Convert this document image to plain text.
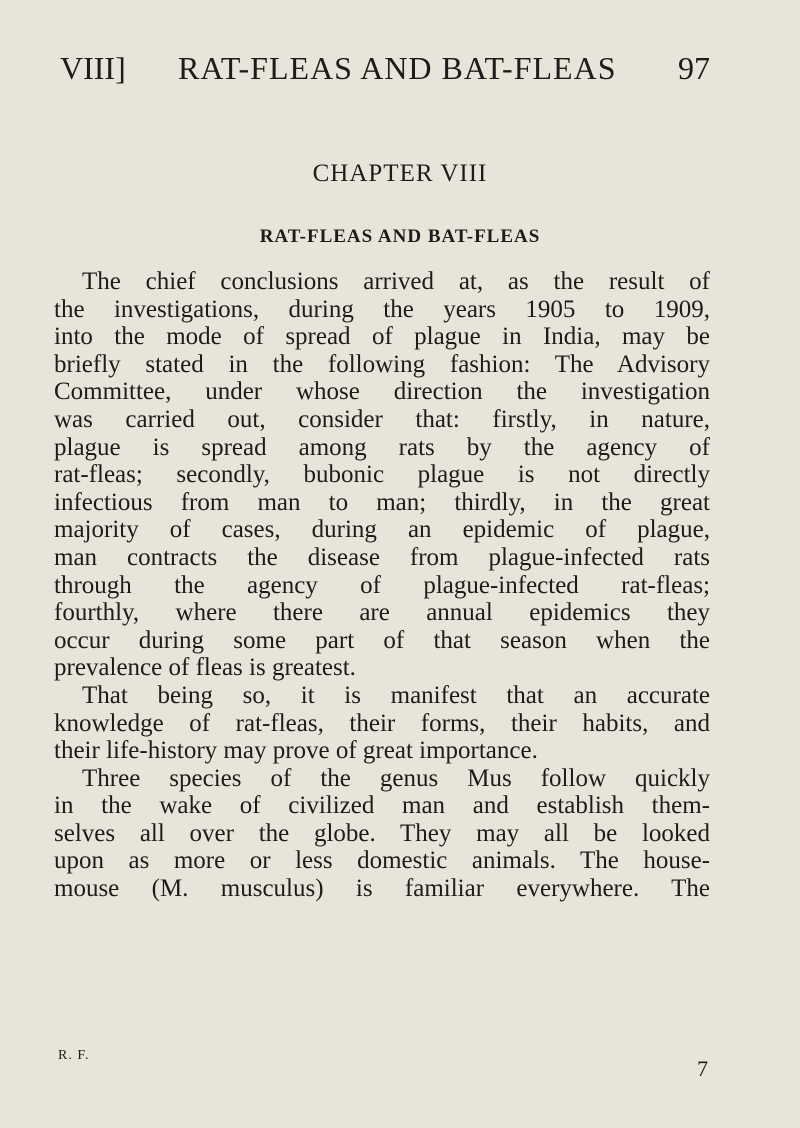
VIII] RAT-FLEAS AND BAT-FLEAS 97
CHAPTER VIII
RAT-FLEAS AND BAT-FLEAS
The chief conclusions arrived at, as the result of
the investigations, during the years 1905 to 1909,
into the mode of spread of plague in India, may be
briefly stated in the following fashion: The Advisory
Committee, under whose direction the investigation
was carried out, consider that: firstly, in nature,
plague is spread among rats by the agency of
rat-fleas; secondly, bubonic plague is not directly
infectious from man to man; thirdly, in the great
majority of cases, during an epidemic of plague,
man contracts the disease from plague-infected rats
through the agency of plague-infected rat-fleas;
fourthly, where there are annual epidemics they
occur during some part of that season when the
prevalence of fleas is greatest.
That being so, it is manifest that an accurate
knowledge of rat-fleas, their forms, their habits, and
their life-history may prove of great importance.
Three species of the genus Mus follow quickly
in the wake of civilized man and establish them-
selves all over the globe. They may all be looked
upon as more or less domestic animals. The house-
mouse (M. musculus) is familiar everywhere. The
R. F.
7
